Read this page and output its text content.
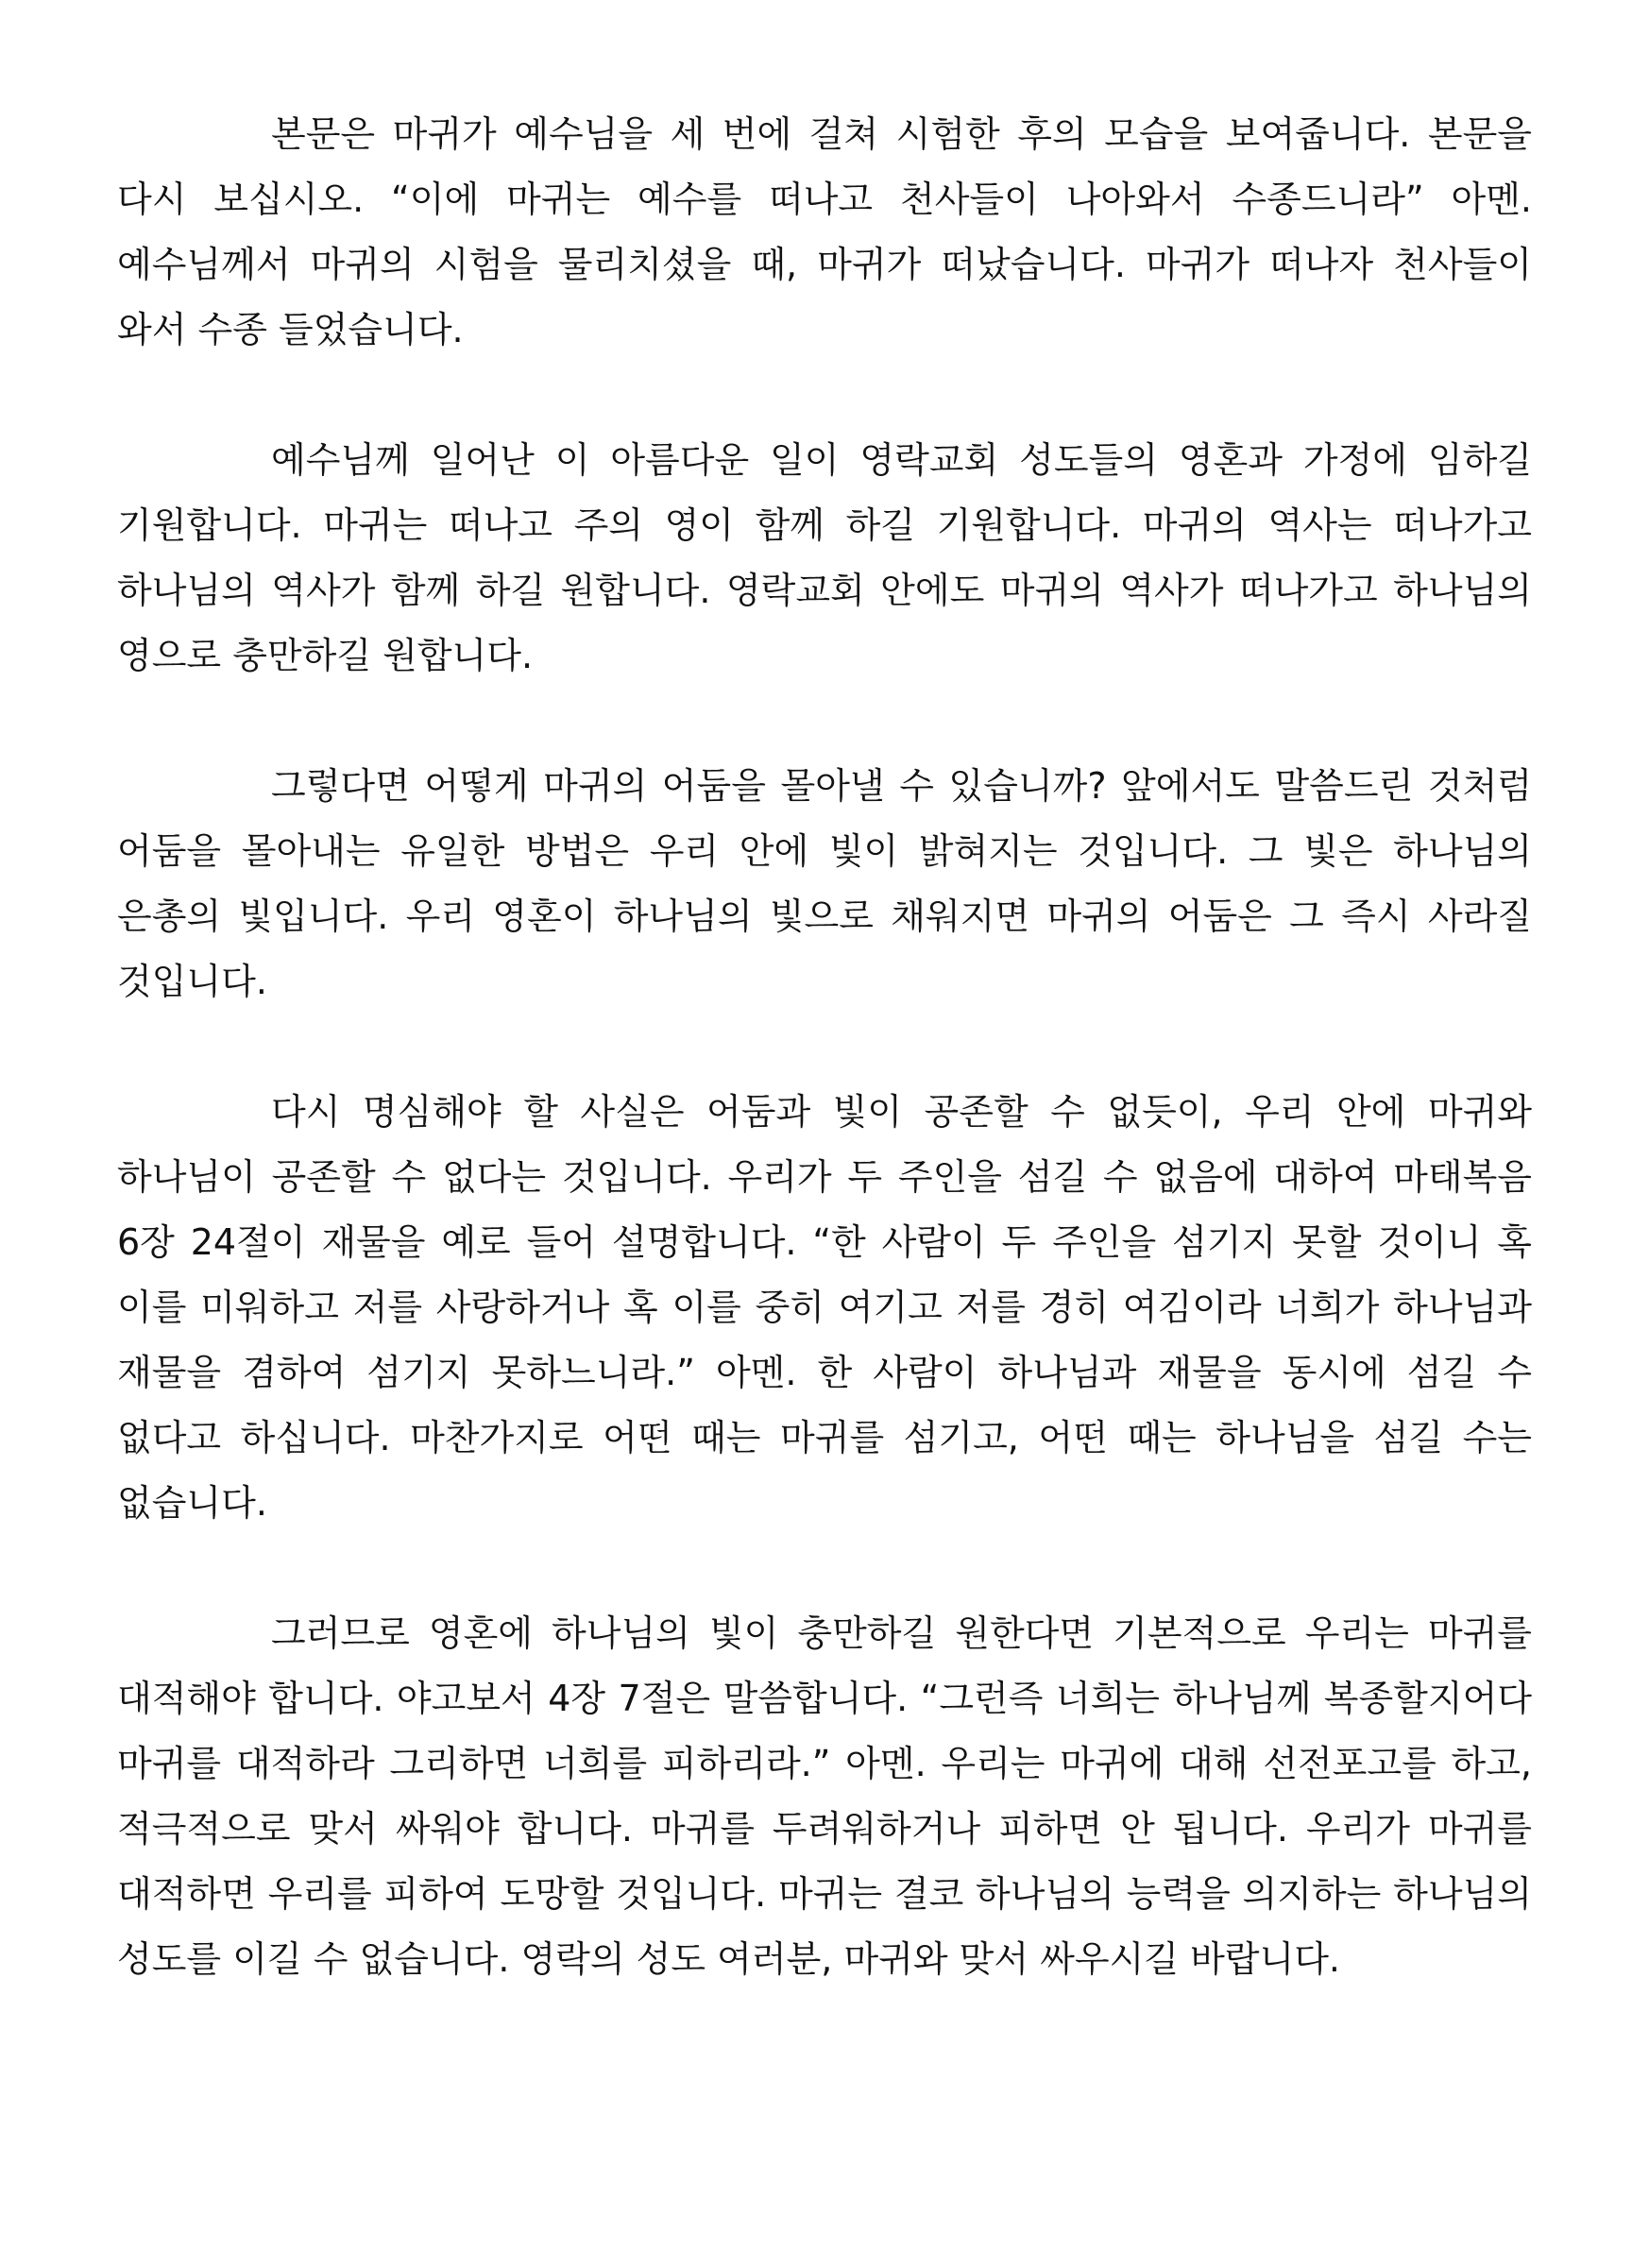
본문은 마귀가 예수님을 세 번에 걸쳐 시험한 후의 모습을 보여줍니다. 본문을 다시 보십시오. “이에 마귀는 예수를 떠나고 천사들이 나아와서 수종드니라” 아멘. 예수님께서 마귀의 시험을 물리치셨을 때, 마귀가 떠났습니다. 마귀가 떠나자 천사들이 와서 수종 들었습니다.

예수님께 일어난 이 아름다운 일이 영락교회 성도들의 영혼과 가정에 임하길 기원합니다. 마귀는 떠나고 주의 영이 함께 하길 기원합니다. 마귀의 역사는 떠나가고 하나님의 역사가 함께 하길 원합니다. 영락교회 안에도 마귀의 역사가 떠나가고 하나님의 영으로 충만하길 원합니다.

그렇다면 어떻게 마귀의 어둠을 몰아낼 수 있습니까? 앞에서도 말씀드린 것처럼 어둠을 몰아내는 유일한 방법은 우리 안에 빛이 밝혀지는 것입니다. 그 빛은 하나님의 은총의 빛입니다. 우리 영혼이 하나님의 빛으로 채워지면 마귀의 어둠은 그 즉시 사라질 것입니다.

다시 명심해야 할 사실은 어둠과 빛이 공존할 수 없듯이, 우리 안에 마귀와 하나님이 공존할 수 없다는 것입니다. 우리가 두 주인을 섬길 수 없음에 대하여 마태복음 6장 24절이 재물을 예로 들어 설명합니다. “한 사람이 두 주인을 섬기지 못할 것이니 혹 이를 미워하고 저를 사랑하거나 혹 이를 중히 여기고 저를 경히 여김이라 너희가 하나님과 재물을 겸하여 섬기지 못하느니라.” 아멘. 한 사람이 하나님과 재물을 동시에 섬길 수 없다고 하십니다. 마찬가지로 어떤 때는 마귀를 섬기고, 어떤 때는 하나님을 섬길 수는 없습니다.

그러므로 영혼에 하나님의 빛이 충만하길 원한다면 기본적으로 우리는 마귀를 대적해야 합니다. 야고보서 4장 7절은 말씀합니다. “그런즉 너희는 하나님께 복종할지어다 마귀를 대적하라 그리하면 너희를 피하리라.” 아멘. 우리는 마귀에 대해 선전포고를 하고, 적극적으로 맞서 싸워야 합니다. 마귀를 두려워하거나 피하면 안 됩니다. 우리가 마귀를 대적하면 우리를 피하여 도망할 것입니다. 마귀는 결코 하나님의 능력을 의지하는 하나님의 성도를 이길 수 없습니다. 영락의 성도 여러분, 마귀와 맞서 싸우시길 바랍니다.
